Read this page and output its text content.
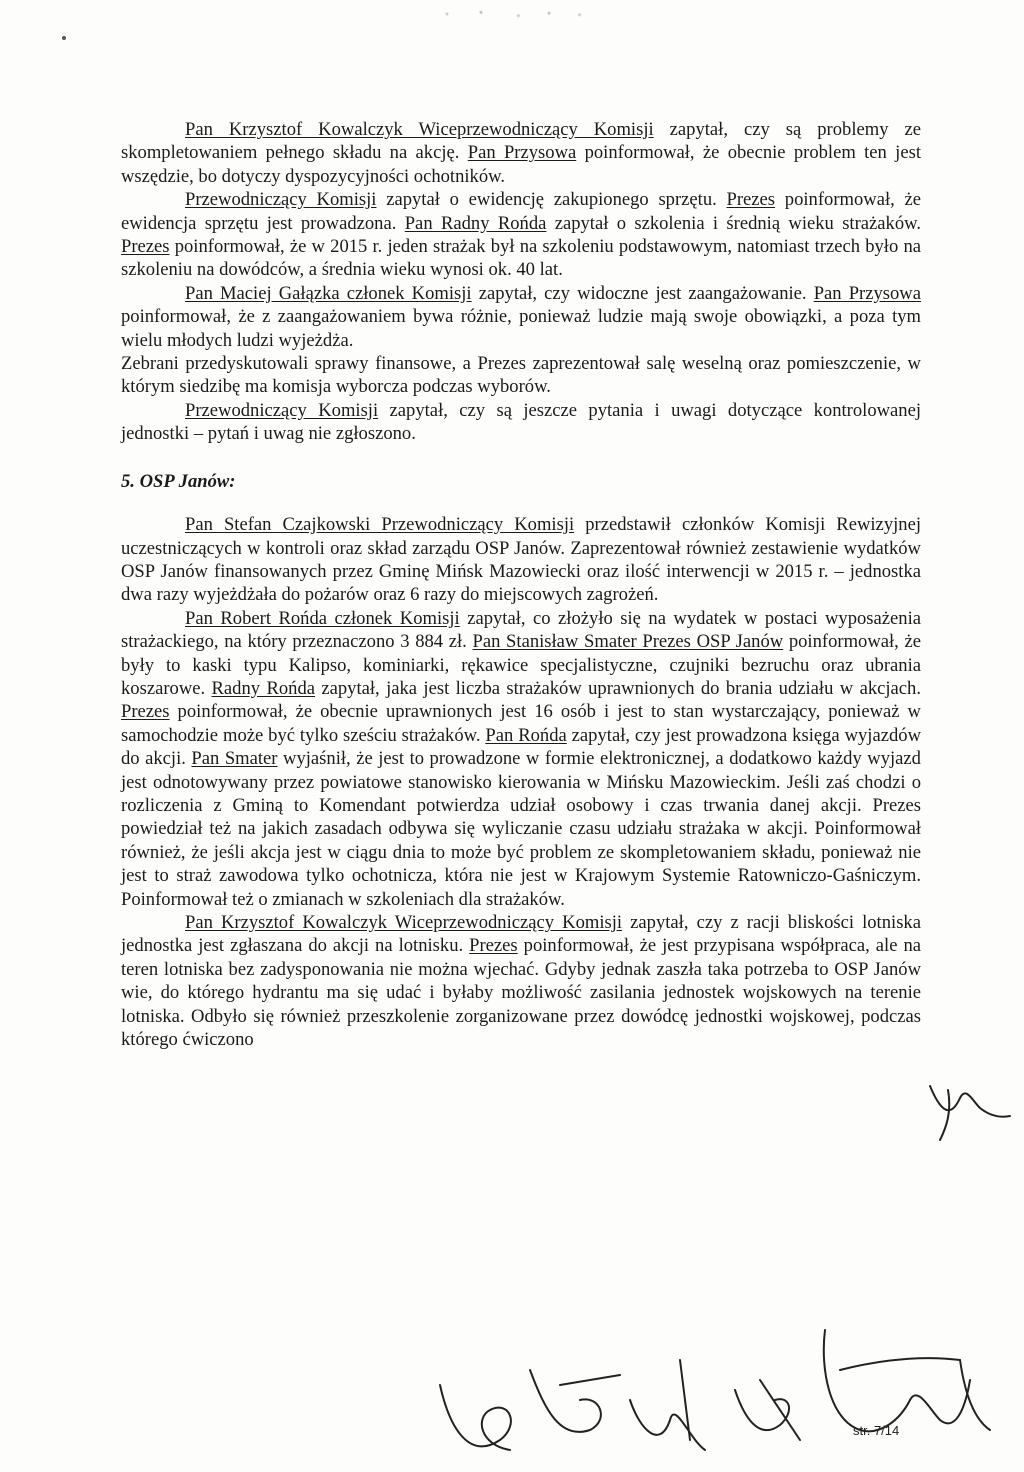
Pan Krzysztof Kowalczyk Wiceprzewodniczący Komisji zapytał, czy są problemy ze skompletowaniem pełnego składu na akcję. Pan Przysowa poinformował, że obecnie problem ten jest wszędzie, bo dotyczy dyspozycyjności ochotników.

Przewodniczący Komisji zapytał o ewidencję zakupionego sprzętu. Prezes poinformował, że ewidencja sprzętu jest prowadzona. Pan Radny Rońda zapytał o szkolenia i średnią wieku strażaków. Prezes poinformował, że w 2015 r. jeden strażak był na szkoleniu podstawowym, natomiast trzech było na szkoleniu na dowódców, a średnia wieku wynosi ok. 40 lat.

Pan Maciej Gałązka członek Komisji zapytał, czy widoczne jest zaangażowanie. Pan Przysowa poinformował, że z zaangażowaniem bywa różnie, ponieważ ludzie mają swoje obowiązki, a poza tym wielu młodych ludzi wyjeżdża.

Zebrani przedyskutowali sprawy finansowe, a Prezes zaprezentował salę weselną oraz pomieszczenie, w którym siedzibę ma komisja wyborcza podczas wyborów.

Przewodniczący Komisji zapytał, czy są jeszcze pytania i uwagi dotyczące kontrolowanej jednostki – pytań i uwag nie zgłoszono.

5. OSP Janów:

Pan Stefan Czajkowski Przewodniczący Komisji przedstawił członków Komisji Rewizyjnej uczestniczących w kontroli oraz skład zarządu OSP Janów. Zaprezentował również zestawienie wydatków OSP Janów finansowanych przez Gminę Mińsk Mazowiecki oraz ilość interwencji w 2015 r. – jednostka dwa razy wyjeżdżała do pożarów oraz 6 razy do miejscowych zagrożeń.

Pan Robert Rońda członek Komisji zapytał, co złożyło się na wydatek w postaci wyposażenia strażackiego, na który przeznaczono 3 884 zł. Pan Stanisław Smater Prezes OSP Janów poinformował, że były to kaski typu Kalipso, kominiarki, rękawice specjalistyczne, czujniki bezruchu oraz ubrania koszarowe. Radny Rońda zapytał, jaka jest liczba strażaków uprawnionych do brania udziału w akcjach. Prezes poinformował, że obecnie uprawnionych jest 16 osób i jest to stan wystarczający, ponieważ w samochodzie może być tylko sześciu strażaków. Pan Rońda zapytał, czy jest prowadzona księga wyjazdów do akcji. Pan Smater wyjaśnił, że jest to prowadzone w formie elektronicznej, a dodatkowo każdy wyjazd jest odnotowywany przez powiatowe stanowisko kierowania w Mińsku Mazowieckim. Jeśli zaś chodzi o rozliczenia z Gminą to Komendant potwierdza udział osobowy i czas trwania danej akcji. Prezes powiedział też na jakich zasadach odbywa się wyliczanie czasu udziału strażaka w akcji. Poinformował również, że jeśli akcja jest w ciągu dnia to może być problem ze skompletowaniem składu, ponieważ nie jest to straż zawodowa tylko ochotnicza, która nie jest w Krajowym Systemie Ratowniczo-Gaśniczym. Poinformował też o zmianach w szkoleniach dla strażaków.

Pan Krzysztof Kowalczyk Wiceprzewodniczący Komisji zapytał, czy z racji bliskości lotniska jednostka jest zgłaszana do akcji na lotnisku. Prezes poinformował, że jest przypisana współpraca, ale na teren lotniska bez zadysponowania nie można wjechać. Gdyby jednak zaszła taka potrzeba to OSP Janów wie, do którego hydrantu ma się udać i byłaby możliwość zasilania jednostek wojskowych na terenie lotniska. Odbyło się również przeszkolenie zorganizowane przez dowódcę jednostki wojskowej, podczas którego ćwiczono

str. 7/14
